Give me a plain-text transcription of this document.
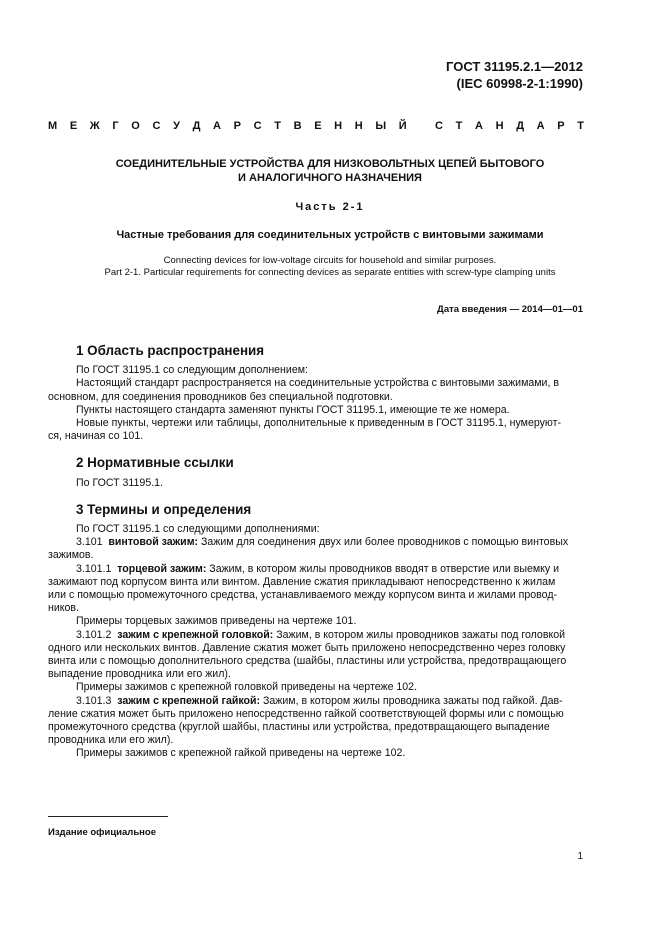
ГОСТ 31195.2.1—2012
(IEC 60998-2-1:1990)
М Е Ж Г О С У Д А Р С Т В Е Н Н Ы Й
	С Т А Н Д А Р Т
СОЕДИНИТЕЛЬНЫЕ УСТРОЙСТВА ДЛЯ НИЗКОВОЛЬТНЫХ ЦЕПЕЙ БЫТОВОГО
И АНАЛОГИЧНОГО НАЗНАЧЕНИЯ
Часть 2-1
Частные требования для соединительных устройств с винтовыми зажимами
Connecting devices for low-voltage circuits for household and similar purposes.
Part 2-1. Particular requirements for connecting devices as separate entities with screw-type clamping units
Дата введения — 2014—01—01
1 Область распространения

По ГОСТ 31195.1 со следующим дополнением:

Настоящий стандарт распространяется на соединительные устройства с винтовыми зажимами, в

основном, для соединения проводников без специальной подготовки.

Пункты настоящего стандарта заменяют пункты ГОСТ 31195.1, имеющие те же номера.

Новые пункты, чертежи или таблицы, дополнительные к приведенным в ГОСТ 31195.1, нумеруют-

ся, начиная со 101.

2 Нормативные ссылки

По ГОСТ 31195.1.

3 Термины и определения

По ГОСТ 31195.1 со следующими дополнениями:

3.101 винтовой зажим: Зажим для соединения двух или более проводников с помощью винтовых

зажимов.

3.101.1 торцевой зажим: Зажим, в котором жилы проводников вводят в отверстие или выемку и

зажимают под корпусом винта или винтом. Давление сжатия прикладывают непосредственно к жилам

или с помощью промежуточного средства, устанавливаемого между корпусом винта и жилами провод-

ников.

Примеры торцевых зажимов приведены на чертеже 101.

3.101.2 зажим с крепежной головкой: Зажим, в котором жилы проводников зажаты под головкой

одного или нескольких винтов. Давление сжатия может быть приложено непосредственно через головку

винта или с помощью дополнительного средства (шайбы, пластины или устройства, предотвращающего

выпадение проводника или его жил).

Примеры зажимов с крепежной головкой приведены на чертеже 102.

3.101.3 зажим с крепежной гайкой: Зажим, в котором жилы проводника зажаты под гайкой. Дав-

ление сжатия может быть приложено непосредственно гайкой соответствующей формы или с помощью

промежуточного средства (круглой шайбы, пластины или устройства, предотвращающего выпадение

проводника или его жил).

Примеры зажимов с крепежной гайкой приведены на чертеже 102.

Издание официальное
1
